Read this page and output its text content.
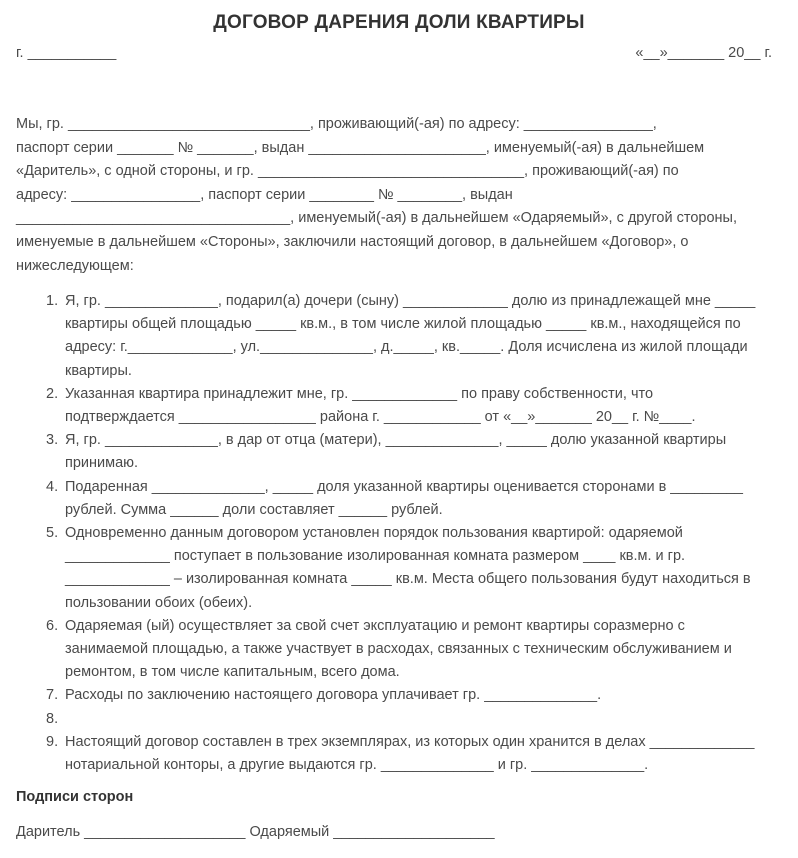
ДОГОВОР ДАРЕНИЯ ДОЛИ КВАРТИРЫ
г. ___________	«__»_______ 20__ г.
Мы, гр. ______________________________, проживающий(-ая) по адресу: ________________,
паспорт серии _______ № _______, выдан ______________________, именуемый(-ая) в дальнейшем
«Даритель», с одной стороны, и гр. _________________________________, проживающий(-ая) по
адресу: ________________, паспорт серии ________ № ________, выдан
__________________________________, именуемый(-ая) в дальнейшем «Одаряемый», с другой стороны,
именуемые в дальнейшем «Стороны», заключили настоящий договор, в дальнейшем «Договор», о
нижеследующем:
1. Я, гр. ______________, подарил(а) дочери (сыну) _____________ долю из принадлежащей мне _____
квартиры общей площадью _____ кв.м., в том числе жилой площадью _____ кв.м., находящейся по
адресу: г._____________, ул.______________, д._____, кв._____. Доля исчислена из жилой площади
квартиры.
2. Указанная квартира принадлежит мне, гр. _____________ по праву собственности, что
подтверждается _________________ района г. ____________ от «__»_______ 20__ г. №____.
3. Я, гр. ______________, в дар от отца (матери), ______________, _____ долю указанной квартиры
принимаю.
4. Подаренная ______________, _____ доля указанной квартиры оценивается сторонами в _________
рублей. Сумма ______ доли составляет ______ рублей.
5. Одновременно данным договором установлен порядок пользования квартирой: одаряемой
_____________ поступает в пользование изолированная комната размером ____ кв.м. и гр.
_____________ – изолированная комната _____ кв.м. Места общего пользования будут находиться в
пользовании обоих (обеих).
6. Одаряемая (ый) осуществляет за свой счет эксплуатацию и ремонт квартиры соразмерно с
занимаемой площадью, а также участвует в расходах, связанных с техническим обслуживанием и
ремонтом, в том числе капитальным, всего дома.
7. Расходы по заключению настоящего договора уплачивает гр. ______________.
8.

9. Настоящий договор составлен в трех экземплярах, из которых один хранится в делах _____________
нотариальной конторы, а другие выдаются гр. ______________ и гр. ______________.
Подписи сторон
Даритель ____________________ Одаряемый ____________________
